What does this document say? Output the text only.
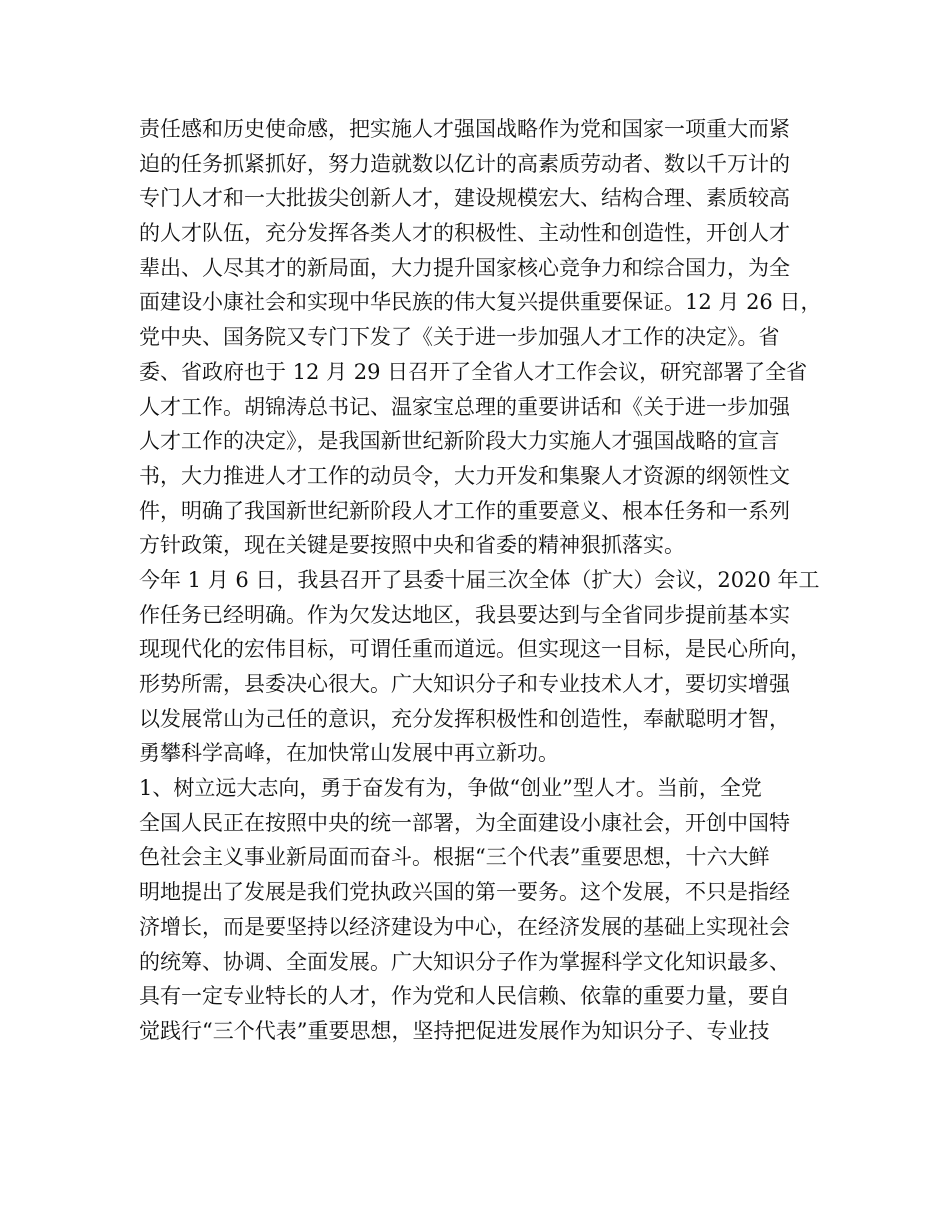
责任感和历史使命感，把实施人才强国战略作为党和国家一项重大而紧

迫的任务抓紧抓好，努力造就数以亿计的高素质劳动者、数以千万计的

专门人才和一大批拔尖创新人才，建设规模宏大、结构合理、素质较高

的人才队伍，充分发挥各类人才的积极性、主动性和创造性，开创人才

辈出、人尽其才的新局面，大力提升国家核心竞争力和综合国力，为全

面建设小康社会和实现中华民族的伟大复兴提供重要保证。12 月 26 日，

党中央、国务院又专门下发了《关于进一步加强人才工作的决定》。省

委、省政府也于 12 月 29 日召开了全省人才工作会议，研究部署了全省

人才工作。胡锦涛总书记、温家宝总理的重要讲话和《关于进一步加强

人才工作的决定》，是我国新世纪新阶段大力实施人才强国战略的宣言

书，大力推进人才工作的动员令，大力开发和集聚人才资源的纲领性文

件，明确了我国新世纪新阶段人才工作的重要意义、根本任务和一系列

方针政策，现在关键是要按照中央和省委的精神狠抓落实。

今年 1 月 6 日，我县召开了县委十届三次全体（扩大）会议，2020 年工

作任务已经明确。作为欠发达地区，我县要达到与全省同步提前基本实

现现代化的宏伟目标，可谓任重而道远。但实现这一目标，是民心所向，

形势所需，县委决心很大。广大知识分子和专业技术人才，要切实增强

以发展常山为己任的意识，充分发挥积极性和创造性，奉献聪明才智，

勇攀科学高峰，在加快常山发展中再立新功。

1、树立远大志向，勇于奋发有为，争做“创业”型人才。当前，全党

全国人民正在按照中央的统一部署，为全面建设小康社会，开创中国特

色社会主义事业新局面而奋斗。根据“三个代表”重要思想，十六大鲜

明地提出了发展是我们党执政兴国的第一要务。这个发展，不只是指经

济增长，而是要坚持以经济建设为中心，在经济发展的基础上实现社会

的统筹、协调、全面发展。广大知识分子作为掌握科学文化知识最多、

具有一定专业特长的人才，作为党和人民信赖、依靠的重要力量，要自

觉践行“三个代表”重要思想，坚持把促进发展作为知识分子、专业技
